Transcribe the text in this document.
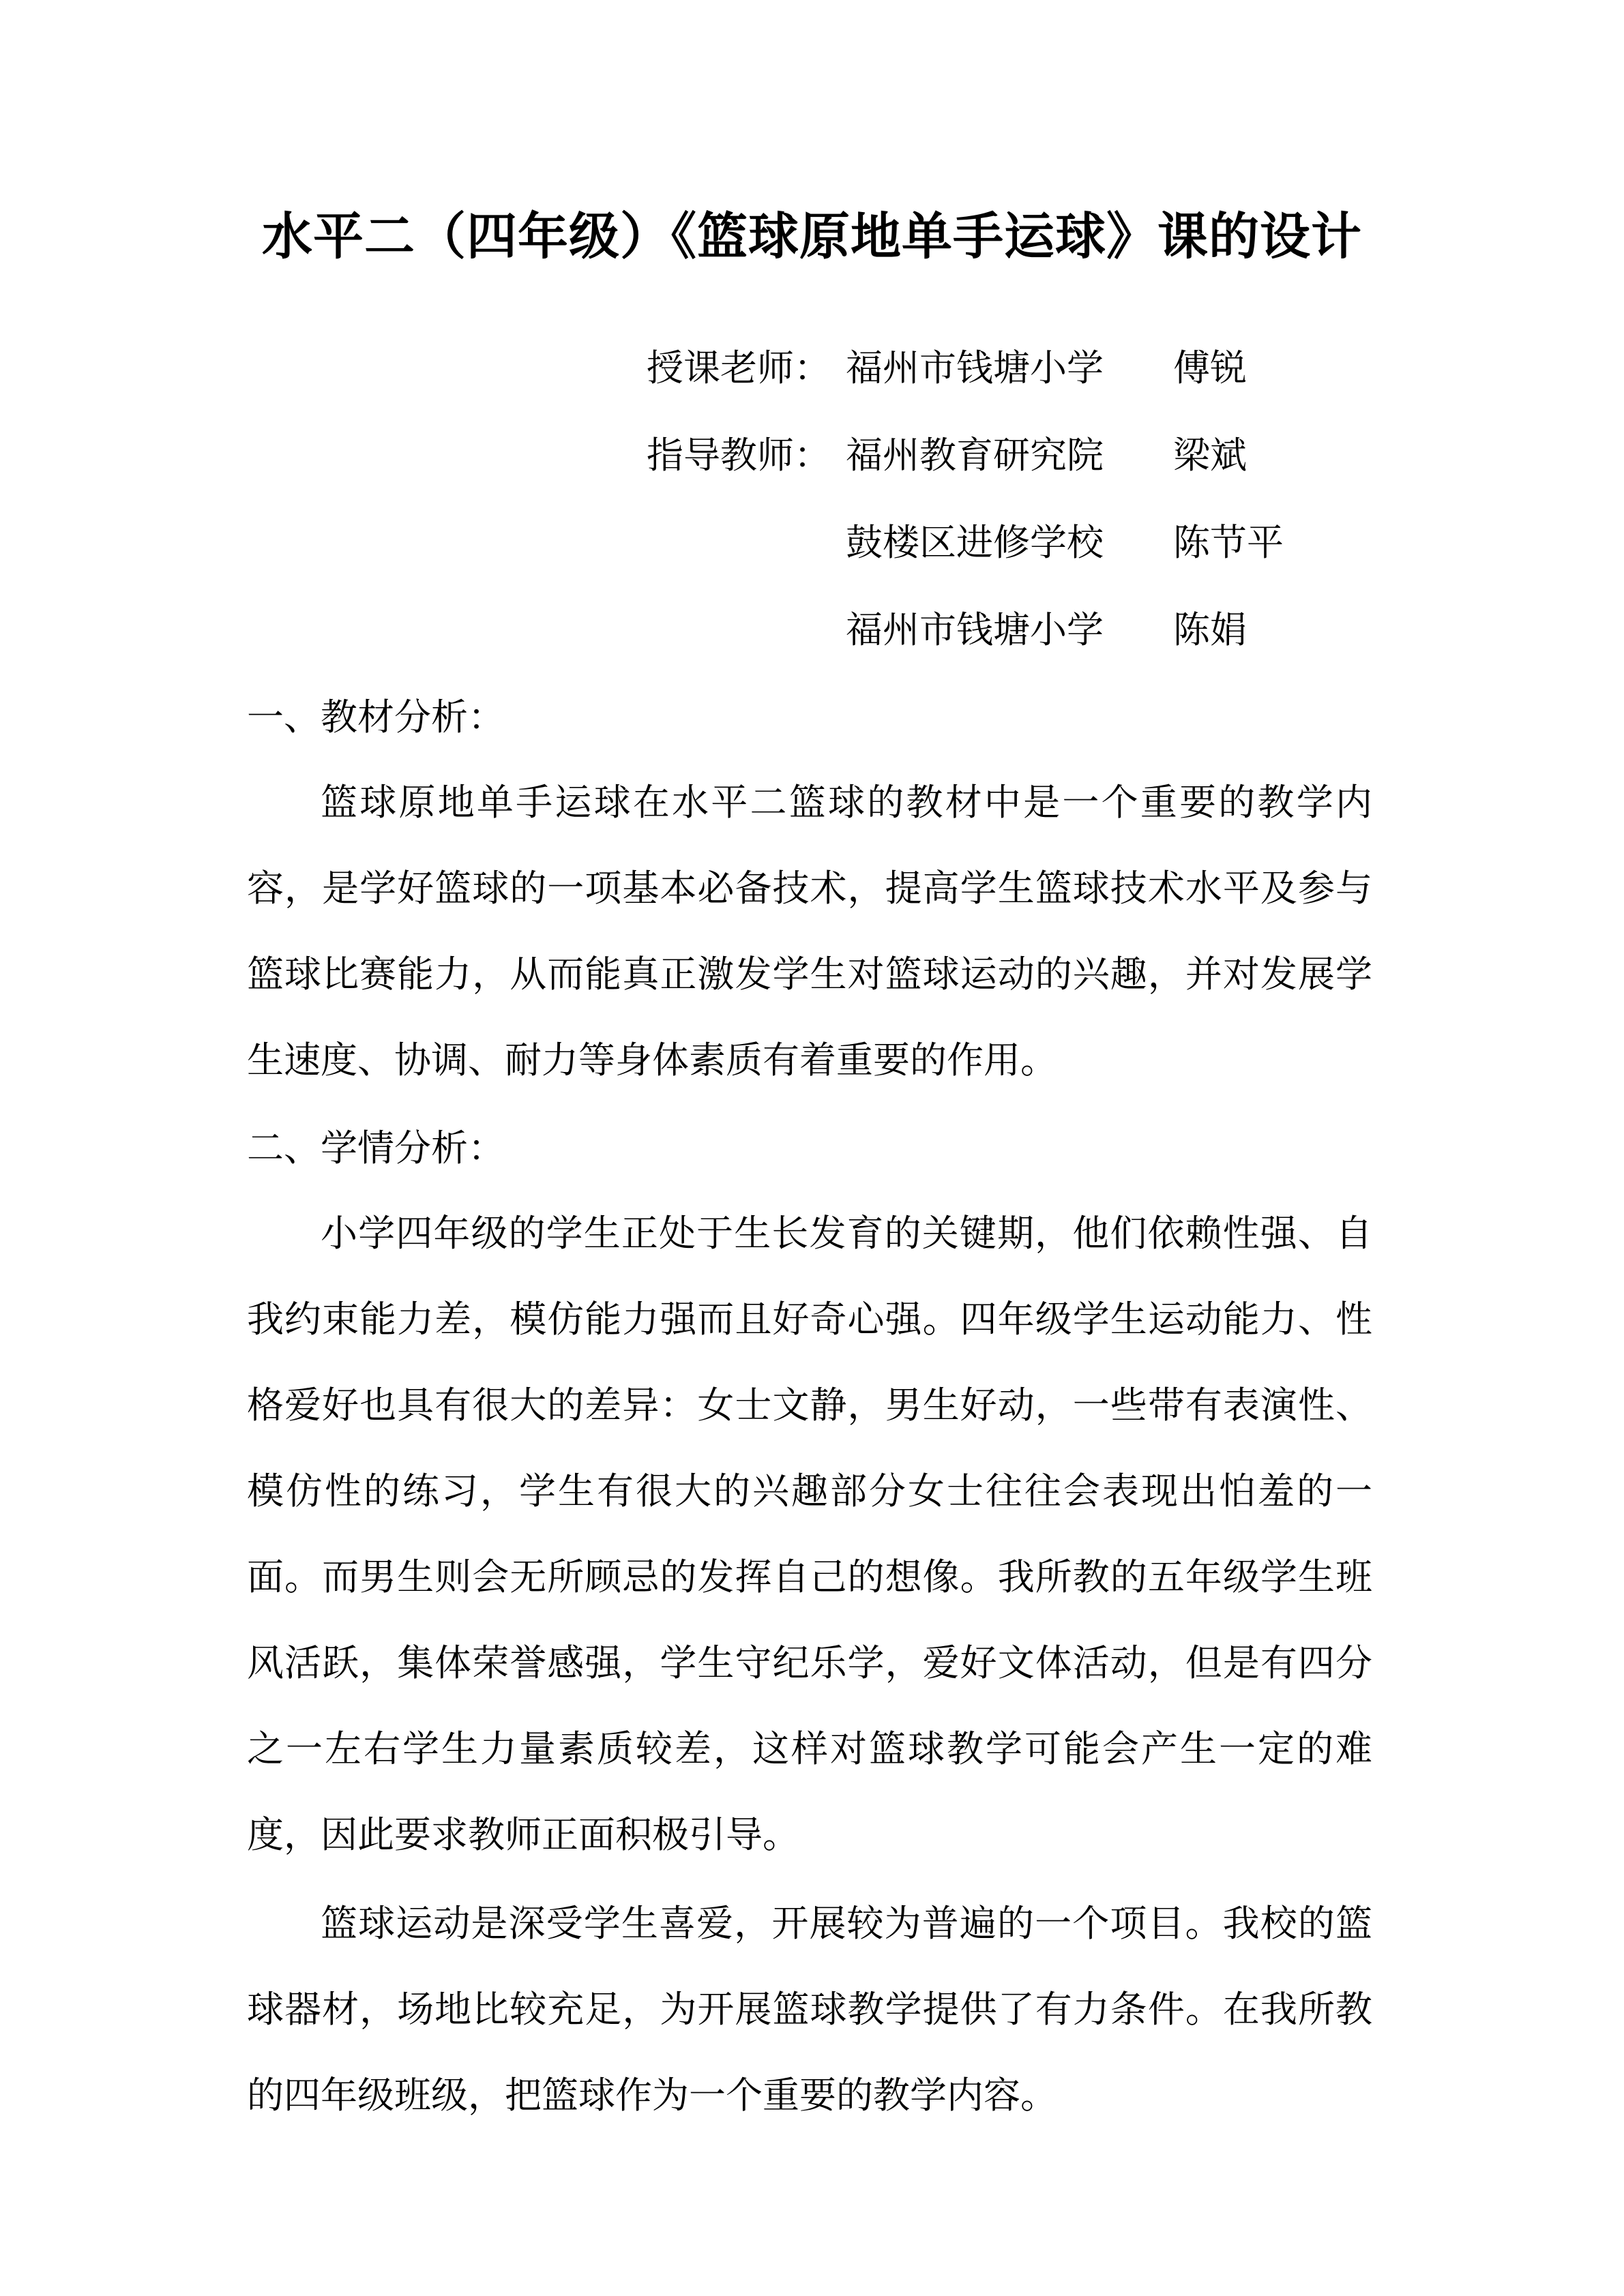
水平二（四年级）《篮球原地单手运球》课的设计
授课老师： 福州市钱塘小学 傅锐
指导教师： 福州教育研究院 梁斌
鼓楼区进修学校 陈节平
福州市钱塘小学 陈娟
一、教材分析：

篮球原地单手运球在水平二篮球的教材中是一个重要的教学内容，是学好篮球的一项基本必备技术，提高学生篮球技术水平及参与篮球比赛能力，从而能真正激发学生对篮球运动的兴趣，并对发展学生速度、协调、耐力等身体素质有着重要的作用。

二、学情分析：

小学四年级的学生正处于生长发育的关键期，他们依赖性强、自我约束能力差，模仿能力强而且好奇心强。四年级学生运动能力、性格爱好也具有很大的差异：女士文静，男生好动，一些带有表演性、模仿性的练习，学生有很大的兴趣部分女士往往会表现出怕羞的一面。而男生则会无所顾忌的发挥自己的想像。我所教的五年级学生班风活跃，集体荣誉感强，学生守纪乐学，爱好文体活动，但是有四分之一左右学生力量素质较差，这样对篮球教学可能会产生一定的难度，因此要求教师正面积极引导。

篮球运动是深受学生喜爱，开展较为普遍的一个项目。我校的篮球器材，场地比较充足，为开展篮球教学提供了有力条件。在我所教的四年级班级，把篮球作为一个重要的教学内容。
